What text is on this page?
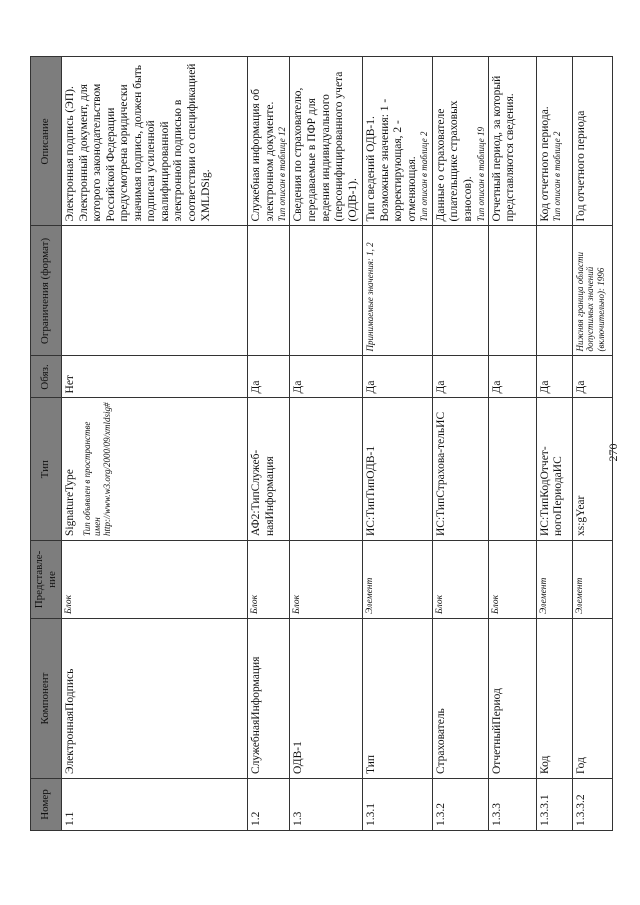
270
Номер	Компонент	Представле-ние	Тип	Обяз.	Ограничения (формат)	Описание

1.1	ЭлектроннаяПодпись	Блок	SignatureType Тип объявлен в пространстве имен http://www.w3.org/2000/09/xmldsig#	Нет		Электронная подпись (ЭП). Электронный документ, для которого законодательством Российской Федерации предусмотрена юридически значимая подпись, должен быть подписан усиленной квалифицированной электронной подписью в соответствии со спецификацией XMLDSig.

1.2	СлужебнаяИнформация	Блок	АФ2:ТипСлужеб-наяИнформация	Да		Служебная информация об электронном документе. Тип описан в таблице 12

1.3	ОДВ-1	Блок		Да		Сведения по страхователю, передаваемые в ПФР для ведения индивидуального (персонифицированного учета (ОДВ-1).

1.3.1	Тип	Элемент	ИС:ТипТипОДВ-1	Да	Принимаемые значения: 1, 2	Тип сведений ОДВ-1. Возможные значения: 1 - корректирующая, 2 - отменяющая. Тип описан в таблице 2

1.3.2	Страхователь	Блок	ИС:ТипСтрахова-тельИС	Да		Данные о страхователе (плательщике страховых взносов). Тип описан в таблице 19

1.3.3	ОтчетныйПериод	Блок		Да		Отчетный период, за который представляются сведения.

1.3.3.1	Код	Элемент	ИС:ТипКодОтчет-ногоПериодаИС	Да		Код отчетного периода. Тип описан в таблице 2

1.3.3.2	Год	Элемент	xs:gYear	Да	Нижняя граница области допустимых значений (включительно): 1996	Год отчетного периода
